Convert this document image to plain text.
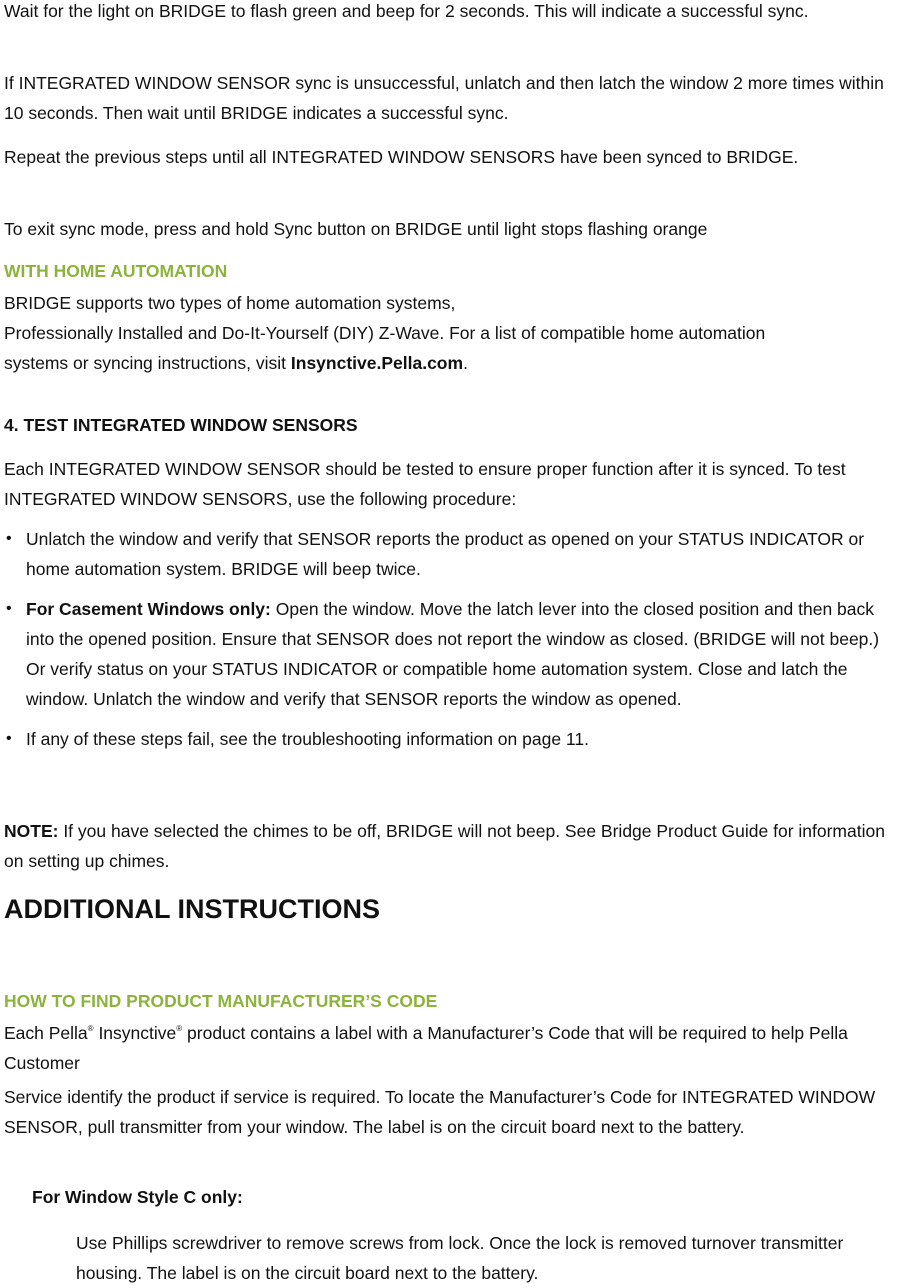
Wait for the light on BRIDGE to flash green and beep for 2 seconds. This will indicate a successful sync.

If INTEGRATED WINDOW SENSOR sync is unsuccessful, unlatch and then latch the window 2 more times within 10 seconds. Then wait until BRIDGE indicates a successful sync.

Repeat the previous steps until all INTEGRATED WINDOW SENSORS have been synced to BRIDGE.

To exit sync mode, press and hold Sync button on BRIDGE until light stops flashing orange

WITH HOME AUTOMATION

BRIDGE supports two types of home automation systems,

Professionally Installed and Do-It-Yourself (DIY) Z-Wave. For a list of compatible home automation systems or syncing instructions, visit Insynctive.Pella.com.

4. TEST INTEGRATED WINDOW SENSORS

Each INTEGRATED WINDOW SENSOR should be tested to ensure proper function after it is synced. To test INTEGRATED WINDOW SENSORS, use the following procedure:

• Unlatch the window and verify that SENSOR reports the product as opened on your STATUS INDICATOR or home automation system. BRIDGE will beep twice.
• For Casement Windows only: Open the window. Move the latch lever into the closed position and then back into the opened position. Ensure that SENSOR does not report the window as closed. (BRIDGE will not beep.) Or verify status on your STATUS INDICATOR or compatible home automation system. Close and latch the window. Unlatch the window and verify that SENSOR reports the window as opened.
• If any of these steps fail, see the troubleshooting information on page 11.

NOTE: If you have selected the chimes to be off, BRIDGE will not beep. See Bridge Product Guide for information on setting up chimes.

ADDITIONAL INSTRUCTIONS

HOW TO FIND PRODUCT MANUFACTURER’S CODE

Each Pella® Insynctive® product contains a label with a Manufacturer’s Code that will be required to help Pella Customer

Service identify the product if service is required. To locate the Manufacturer’s Code for INTEGRATED WINDOW SENSOR, pull transmitter from your window. The label is on the circuit board next to the battery.

For Window Style C only:

Use Phillips screwdriver to remove screws from lock. Once the lock is removed turnover transmitter housing. The label is on the circuit board next to the battery.
